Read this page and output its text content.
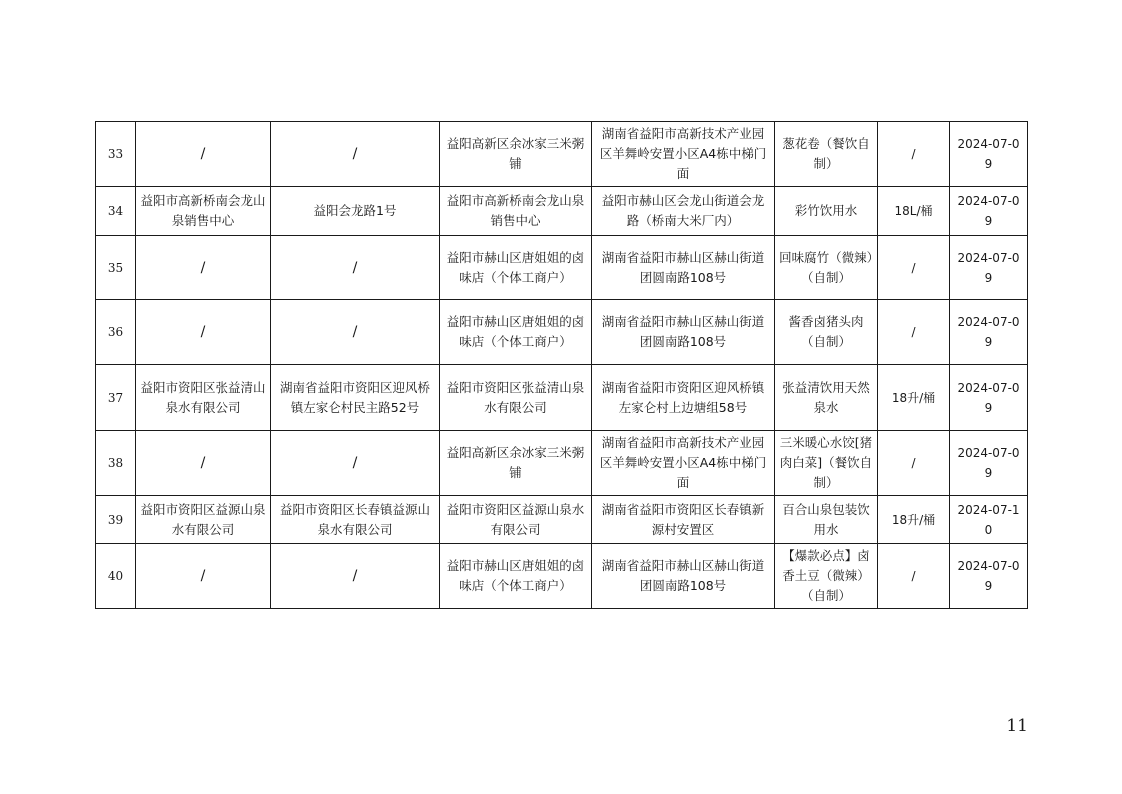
33	/	/	益阳高新区余冰家三米粥铺	湖南省益阳市高新技术产业园区羊舞岭安置小区A4栋中梯门面	葱花卷（餐饮自制）	/	2024-07-09
34	益阳市高新桥南会龙山泉销售中心	益阳会龙路1号	益阳市高新桥南会龙山泉销售中心	益阳市赫山区会龙山街道会龙路（桥南大米厂内）	彩竹饮用水	18L/桶	2024-07-09
35	/	/	益阳市赫山区唐姐姐的卤味店（个体工商户）	湖南省益阳市赫山区赫山街道团圆南路108号	回味腐竹（微辣）（自制）	/	2024-07-09
36	/	/	益阳市赫山区唐姐姐的卤味店（个体工商户）	湖南省益阳市赫山区赫山街道团圆南路108号	酱香卤猪头肉（自制）	/	2024-07-09
37	益阳市资阳区张益清山泉水有限公司	湖南省益阳市资阳区迎风桥镇左家仑村民主路52号	益阳市资阳区张益清山泉水有限公司	湖南省益阳市资阳区迎风桥镇左家仑村上边塘组58号	张益清饮用天然泉水	18升/桶	2024-07-09
38	/	/	益阳高新区余冰家三米粥铺	湖南省益阳市高新技术产业园区羊舞岭安置小区A4栋中梯门面	三米暖心水饺[猪肉白菜]（餐饮自制）	/	2024-07-09
39	益阳市资阳区益源山泉水有限公司	益阳市资阳区长春镇益源山泉水有限公司	益阳市资阳区益源山泉水有限公司	湖南省益阳市资阳区长春镇新源村安置区	百合山泉包装饮用水	18升/桶	2024-07-10
40	/	/	益阳市赫山区唐姐姐的卤味店（个体工商户）	湖南省益阳市赫山区赫山街道团圆南路108号	【爆款必点】卤香土豆（微辣）（自制）	/	2024-07-09
11
